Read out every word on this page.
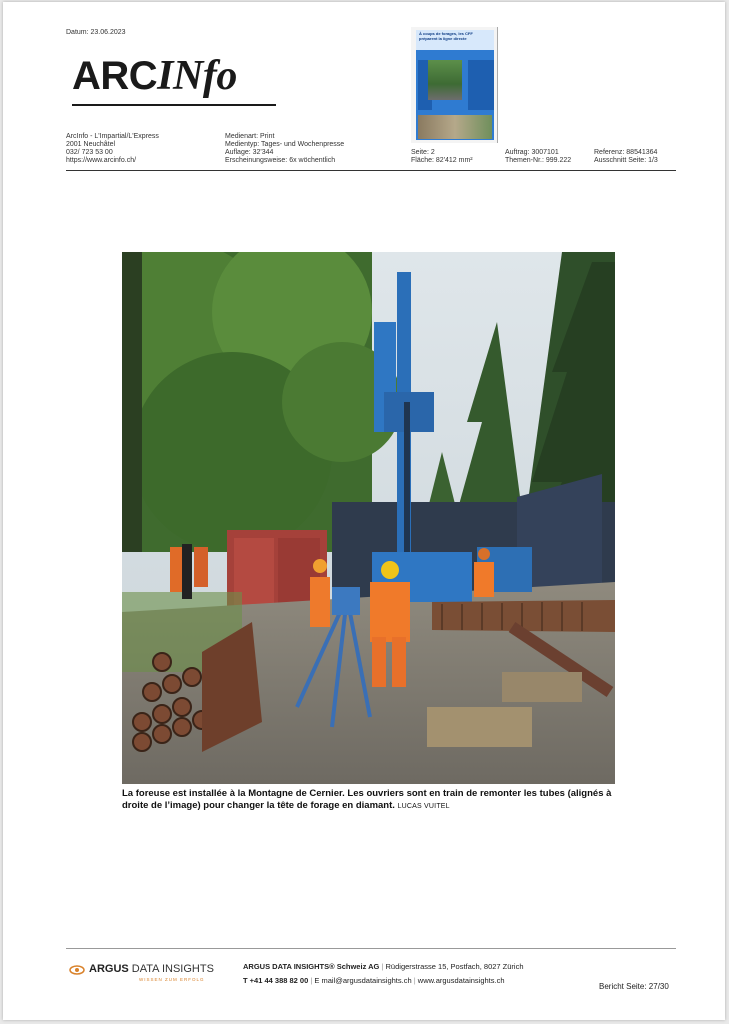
Datum: 23.06.2023
ARCINfo
À coups de forages, les CFF préparent la ligne directe
ArcInfo - L'Impartial/L'Express
2001 Neuchâtel
032/ 723 53 00
https://www.arcinfo.ch/
Medienart: Print
Medientyp: Tages- und Wochenpresse
Auflage: 32'344
Erscheinungsweise: 6x wöchentlich
Seite: 2
Fläche: 82'412 mm²
Auftrag: 3007101
Themen-Nr.: 999.222
Referenz: 88541364
Ausschnitt Seite: 1/3
La foreuse est installée à la Montagne de Cernier. Les ouvriers sont en train de remonter les tubes (alignés à droite de l’image) pour changer la tête de forage en diamant. LUCAS VUITEL
ARGUS DATA INSIGHTS
WISSEN ZUM ERFOLG
ARGUS DATA INSIGHTS® Schweiz AG | Rüdigerstrasse 15, Postfach, 8027 Zürich
T +41 44 388 82 00 | E mail@argusdatainsights.ch | www.argusdatainsights.ch
Bericht Seite: 27/30
